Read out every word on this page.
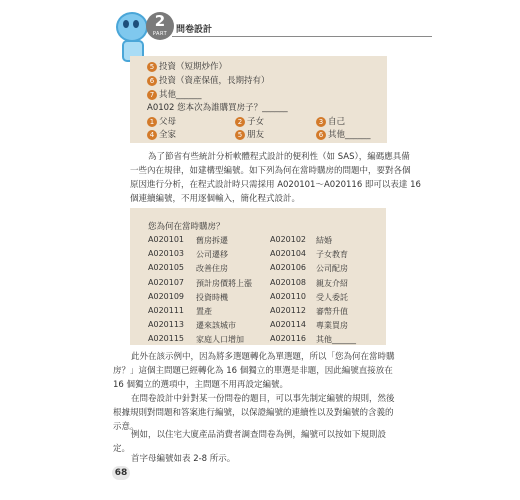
2
PART 問卷設計
5 投資（短期炒作）
6 投資（資產保值，長期持有）
7 其他______
A0102 您本次為誰購買房子？______
1 父母	2 子女	3 自己
4 全家	5 朋友	6 其他______
為了節省有些統計分析軟體程式設計的便利性（如 SAS），編碼應具備
一些內在規律，如建構型編號。如下列為何在當時購房的問題中，要對各個
原因進行分析，在程式設計時只需採用 A020101～A020116 即可以表達 16
個連續編號，不用逐個輸入，簡化程式設計。
您為何在當時購房？
A020101 舊房拆遷	A020102 結婚
A020103 公司遷移	A020104 子女教育
A020105 改善住房	A020106 公司配房
A020107 預計房價將上漲 A020108 親友介紹
A020109 投資時機	A020110 受人委託
A020111 置產	A020112 審幣升值
A020113 遷來該城市	A020114 專業買房
A020115 家庭人口增加	A020116 其他______
此外在該示例中，因為將多選題轉化為單選題，所以「您為何在當時購
房？」這個主問題已經轉化為 16 個獨立的單選是非題，因此編號直接放在
16 個獨立的選項中，主問題不用再設定編號。
在問卷設計中針對某一份問卷的題目，可以事先制定編號的規則，然後
根據規則對問題和答案進行編號，以保證編號的連續性以及對編號的含義的
示意。
例如，以住宅大廈產品消費者調查問卷為例，編號可以按如下規則設
定。
首字母編號如表 2-8 所示。
68
